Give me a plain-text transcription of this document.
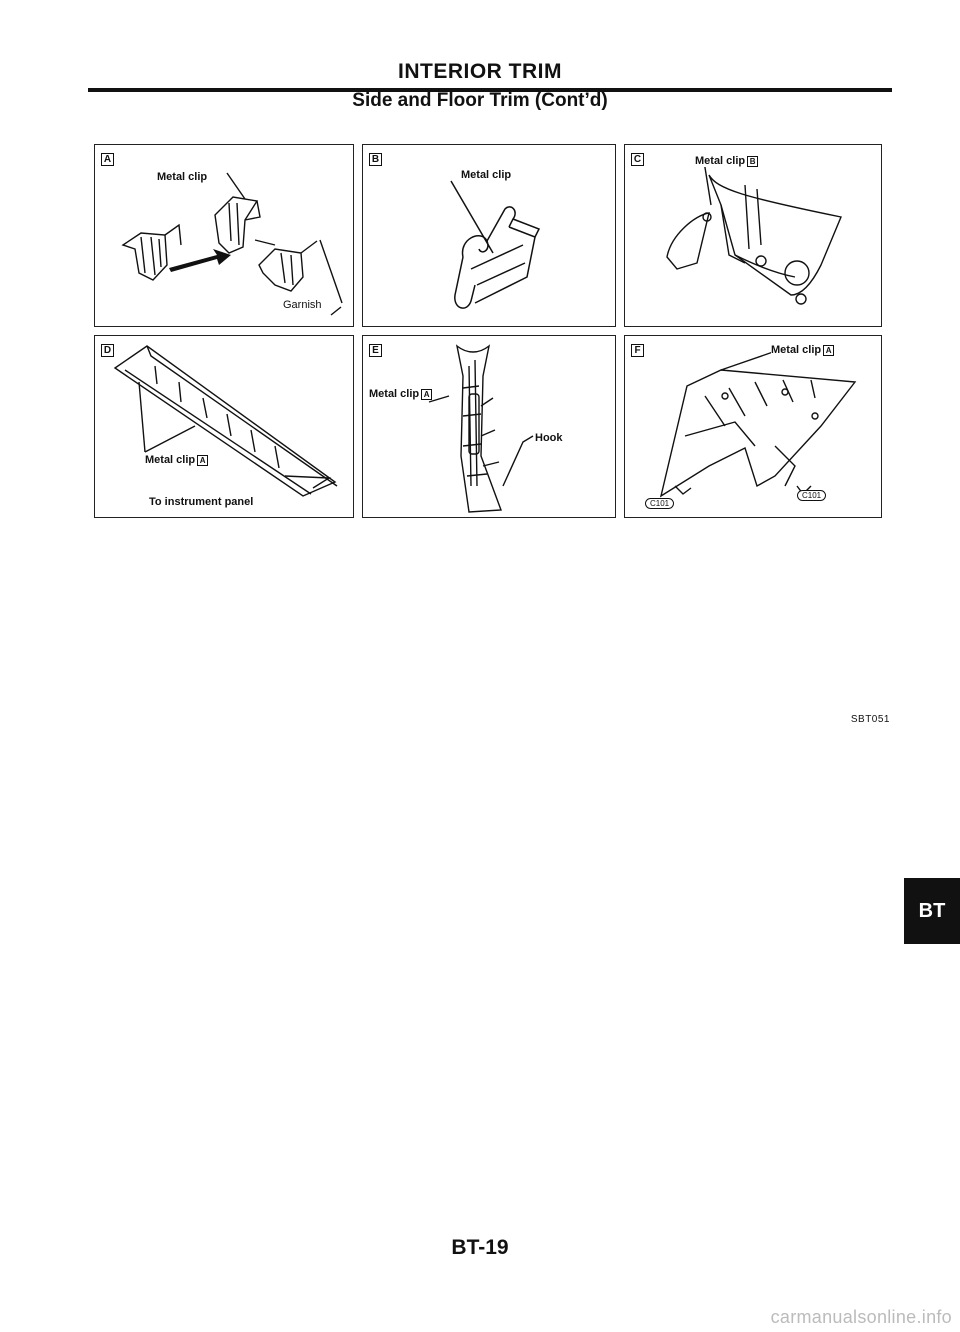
INTERIOR TRIM
Side and Floor Trim (Cont’d)
A
Metal clip
Garnish
B
Metal clip
C	Metal clip B
D
Metal clip A
To instrument panel
E
Metal clip A
Hook
F	Metal clip A
C101
C101
SBT051
BT
BT-19
carmanualsonline.info
